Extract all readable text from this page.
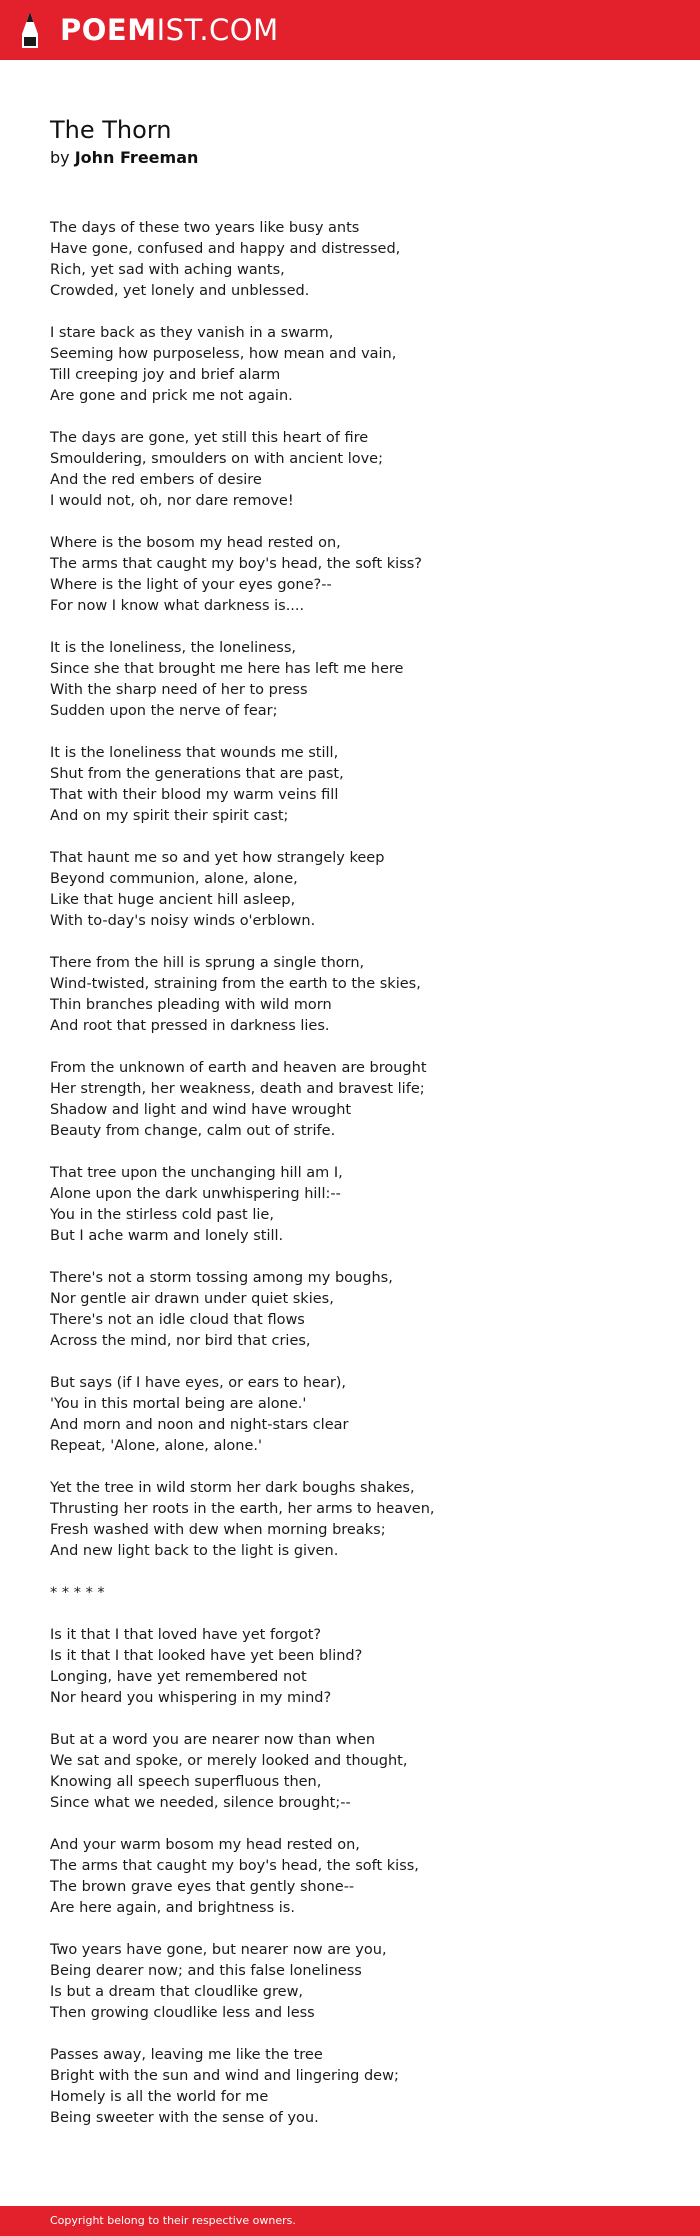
POEMIST.COM
The Thorn
by John Freeman
The days of these two years like busy ants
Have gone, confused and happy and distressed,
Rich, yet sad with aching wants,
Crowded, yet lonely and unblessed.
I stare back as they vanish in a swarm,
Seeming how purposeless, how mean and vain,
Till creeping joy and brief alarm
Are gone and prick me not again.
The days are gone, yet still this heart of fire
Smouldering, smoulders on with ancient love;
And the red embers of desire
I would not, oh, nor dare remove!
Where is the bosom my head rested on,
The arms that caught my boy's head, the soft kiss?
Where is the light of your eyes gone?--
For now I know what darkness is....
It is the loneliness, the loneliness,
Since she that brought me here has left me here
With the sharp need of her to press
Sudden upon the nerve of fear;
It is the loneliness that wounds me still,
Shut from the generations that are past,
That with their blood my warm veins fill
And on my spirit their spirit cast;
That haunt me so and yet how strangely keep
Beyond communion, alone, alone,
Like that huge ancient hill asleep,
With to-day's noisy winds o'erblown.
There from the hill is sprung a single thorn,
Wind-twisted, straining from the earth to the skies,
Thin branches pleading with wild morn
And root that pressed in darkness lies.
From the unknown of earth and heaven are brought
Her strength, her weakness, death and bravest life;
Shadow and light and wind have wrought
Beauty from change, calm out of strife.
That tree upon the unchanging hill am I,
Alone upon the dark unwhispering hill:--
You in the stirless cold past lie,
But I ache warm and lonely still.
There's not a storm tossing among my boughs,
Nor gentle air drawn under quiet skies,
There's not an idle cloud that flows
Across the mind, nor bird that cries,
But says (if I have eyes, or ears to hear),
'You in this mortal being are alone.'
And morn and noon and night-stars clear
Repeat, 'Alone, alone, alone.'
Yet the tree in wild storm her dark boughs shakes,
Thrusting her roots in the earth, her arms to heaven,
Fresh washed with dew when morning breaks;
And new light back to the light is given.
* * * * *
Is it that I that loved have yet forgot?
Is it that I that looked have yet been blind?
Longing, have yet remembered not
Nor heard you whispering in my mind?
But at a word you are nearer now than when
We sat and spoke, or merely looked and thought,
Knowing all speech superfluous then,
Since what we needed, silence brought;--
And your warm bosom my head rested on,
The arms that caught my boy's head, the soft kiss,
The brown grave eyes that gently shone--
Are here again, and brightness is.
Two years have gone, but nearer now are you,
Being dearer now; and this false loneliness
Is but a dream that cloudlike grew,
Then growing cloudlike less and less
Passes away, leaving me like the tree
Bright with the sun and wind and lingering dew;
Homely is all the world for me
Being sweeter with the sense of you.
Copyright belong to their respective owners.
